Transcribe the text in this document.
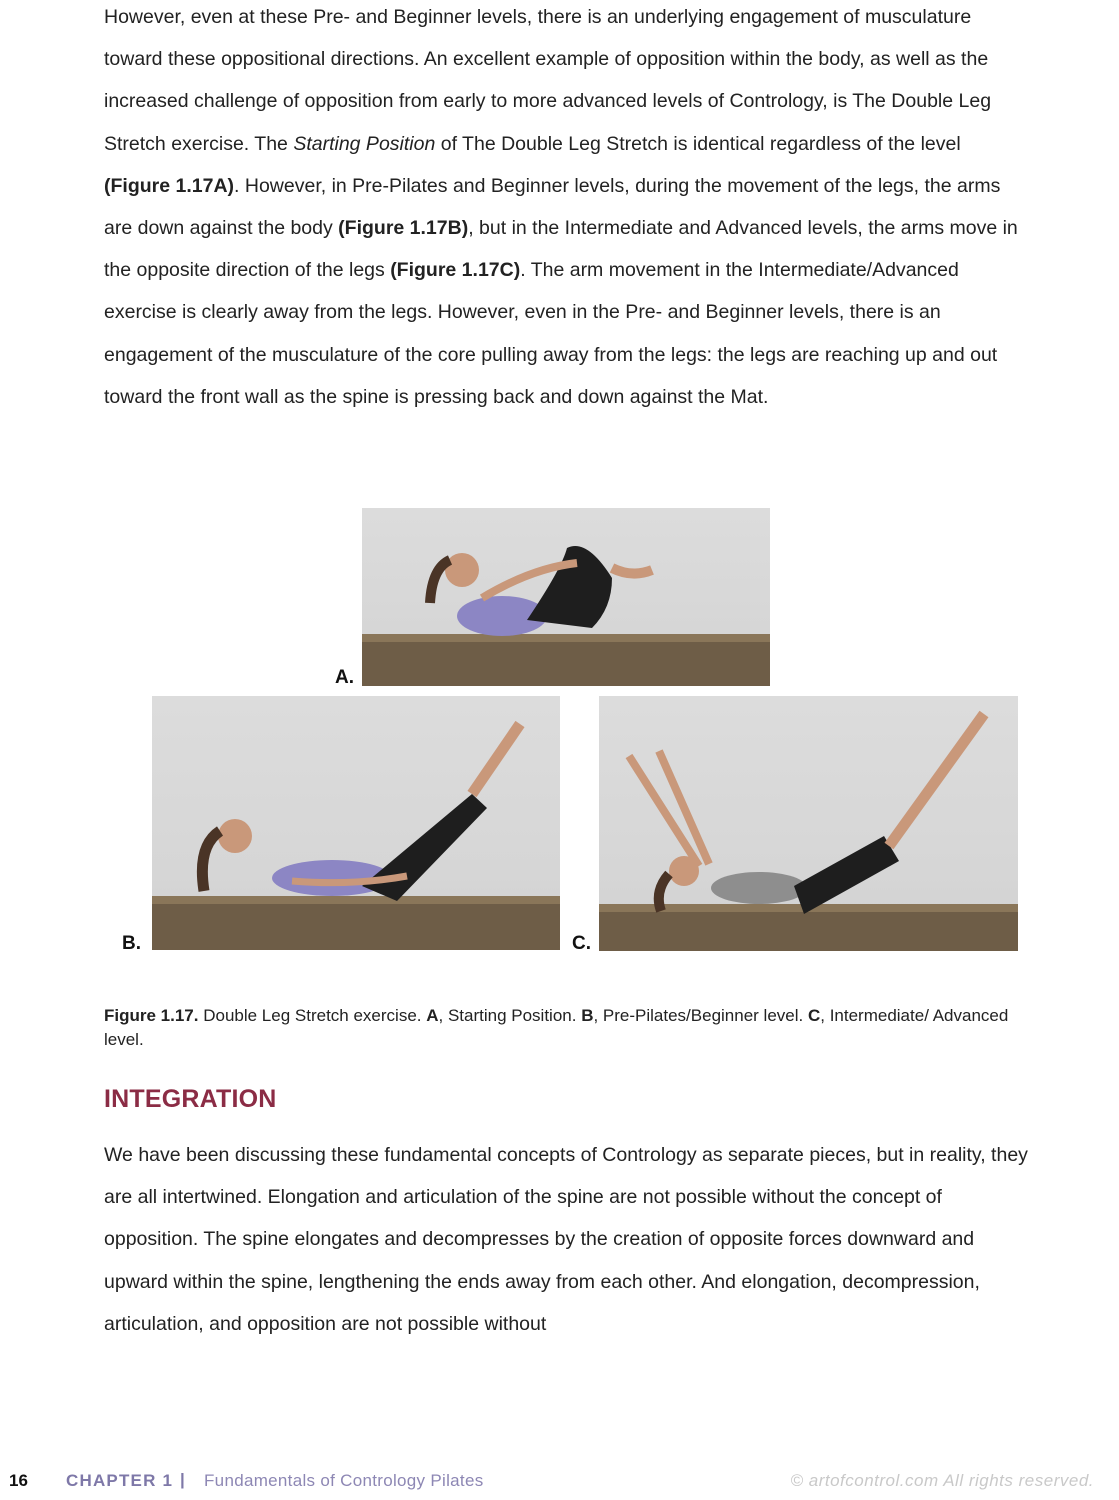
However, even at these Pre- and Beginner levels, there is an underlying engagement of musculature toward these oppositional directions. An excellent example of opposition within the body, as well as the increased challenge of opposition from early to more advanced levels of Contrology, is The Double Leg Stretch exercise. The Starting Position of The Double Leg Stretch is identical regardless of the level (Figure 1.17A). However, in Pre-Pilates and Beginner levels, during the movement of the legs, the arms are down against the body (Figure 1.17B), but in the Intermediate and Advanced levels, the arms move in the opposite direction of the legs (Figure 1.17C). The arm movement in the Intermediate/Advanced exercise is clearly away from the legs. However, even in the Pre- and Beginner levels, there is an engagement of the musculature of the core pulling away from the legs: the legs are reaching up and out toward the front wall as the spine is pressing back and down against the Mat.

A.
B.	C.

Figure 1.17. Double Leg Stretch exercise. A, Starting Position. B, Pre-Pilates/Beginner level. C, Intermediate/ Advanced level.

INTEGRATION

We have been discussing these fundamental concepts of Contrology as separate pieces, but in reality, they are all intertwined. Elongation and articulation of the spine are not possible without the concept of opposition. The spine elongates and decompresses by the creation of opposite forces downward and upward within the spine, lengthening the ends away from each other. And elongation, decompression, articulation, and opposition are not possible without

16 CHAPTER 1 | Fundamentals of Contrology Pilates	© artofcontrol.com All rights reserved.
